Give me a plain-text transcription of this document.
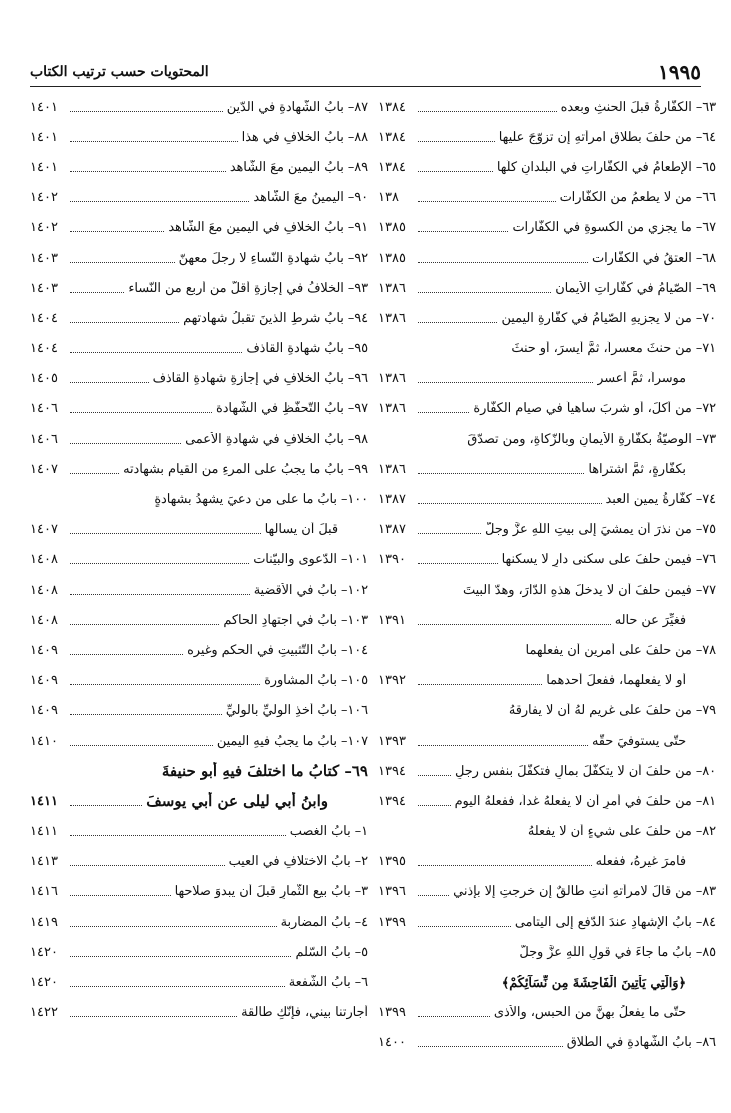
١٩٩٥
المحتويات حسب ترتيب الكتاب
٦٣– الكفّارةُ قبلَ الحنثِ وبعده
١٣٨٤
٦٤– من حلفَ بطلاقِ امرأتهِ إن تزوّجَ عليها
١٣٨٤
٦٥– الإطعامُ في الكفّاراتِ في البلدانِ كلِّها
١٣٨٤
٦٦– من لا يطعمُ من الكفّارات
١٣٨
٦٧– ما يجزي من الكسوةِ في الكفّارات
١٣٨٥
٦٨– العتقُ في الكفّارات
١٣٨٥
٦٩– الصّيامُ في كفّاراتِ الأيمان
١٣٨٦
٧٠– من لا يجزيهِ الصّيامُ في كفّارةِ اليمين
١٣٨٦
٧١– من حنثَ معسراً، ثمَّ أيسرَ، أو حنثَ
موسراً، ثمَّ أعسر
١٣٨٦
٧٢– من أكلَ، أو شربَ ساهياً في صيامِ الكفّارة
١٣٨٦
٧٣– الوصيّةُ بكفّارةِ الأيمانِ وبالزّكاةِ، ومن تصدّقَ
بكفّارةٍ، ثمَّ اشتراها
١٣٨٦
٧٤– كفّارةُ يمينِ العبد
١٣٨٧
٧٥– من نذرَ أن يمشيَ إلى بيتِ اللّهِ عزَّ وجلَّ
١٣٨٧
٧٦– فيمن حلفَ على سكنى دارٍ لا يسكنها
١٣٩٠
٧٧– فيمن حلفَ أن لا يدخلَ هذهِ الدّارَ، وهدّ البيتَ
فغيِّرَ عن حاله
١٣٩١
٧٨– من حلفَ على أمرينِ أن يفعلهما
أو لا يفعلهما، ففعلَ أحدهما
١٣٩٢
٧٩– من حلفَ على غريمٍ لهُ أن لا يفارقهُ
حتّى يستوفيَ حقّه
١٣٩٣
٨٠– من حلفَ أن لا يتكفّلَ بمالٍ فتكفّلَ بنفسِ رجلٍ
١٣٩٤
٨١– من حلفَ في أمرٍ أن لا يفعلهُ غداً، ففعلهُ اليوم
١٣٩٤
٨٢– من حلفَ على شيءٍ أن لا يفعلهُ
فأمرَ غيرهُ، ففعله
١٣٩٥
٨٣– من قالَ لامرأتهِ أنتِ طالقٌ إن خرجتِ إلا بإذني
١٣٩٦
٨٤– بابُ الإشهادِ عندَ الدّفعِ إلى اليتامى
١٣٩٩
٨٥– بابُ ما جاءَ في قولِ اللّهِ عزَّ وجلَّ
﴿وَالَّٰتِي يَأْتِينَ الْفَاحِشَةَ مِن نِّسَآئِكُمْ﴾
حتّى ما يفعلُ بهنَّ من الحبسِ، والأذى
١٣٩٩
٨٦– بابُ الشّهادةِ في الطّلاق
١٤٠٠
٨٧– بابُ الشّهادةِ في الدّين
١٤٠١
٨٨– بابُ الخلافِ في هذا
١٤٠١
٨٩– بابُ اليمينِ معَ الشّاهد
١٤٠١
٩٠– اليمينُ معَ الشّاهد
١٤٠٢
٩١– بابُ الخلافِ في اليمينِ معَ الشّاهد
١٤٠٢
٩٢– بابُ شهادةِ النّساءِ لا رجلَ معهنّ
١٤٠٣
٩٣– الخلافُ في إجازةِ أقلَّ من أربعٍ من النّساء
١٤٠٣
٩٤– بابُ شرطِ الّذينَ تقبلُ شهادتهم
١٤٠٤
٩٥– بابُ شهادةِ القاذف
١٤٠٤
٩٦– بابُ الخلافِ في إجازةِ شهادةِ القاذف
١٤٠٥
٩٧– بابُ التّحفّظِ في الشّهادة
١٤٠٦
٩٨– بابُ الخلافِ في شهادةِ الأعمى
١٤٠٦
٩٩– بابُ ما يجبُ على المرءِ من القيامِ بشهادته
١٤٠٧
١٠٠– بابُ ما على من دعيَ يشهدُ بشهادةٍ
قبلَ أن يسألها
١٤٠٧
١٠١– الدّعوى والبيّنات
١٤٠٨
١٠٢– بابُ في الأقضية
١٤٠٨
١٠٣– بابُ في اجتهادِ الحاكم
١٤٠٨
١٠٤– بابُ التّثبيتِ في الحكمِ وغيره
١٤٠٩
١٠٥– بابُ المشاورة
١٤٠٩
١٠٦– بابُ أخذِ الوليِّ بالوليِّ
١٤٠٩
١٠٧– بابُ ما يجبُ فيهِ اليمين
١٤١٠
٦٩– كتابُ ما اختلفَ فيهِ أبو حنيفةَ
وابنُ أبي ليلى عن أبي يوسفَ
١٤١١
١– بابُ الغصب
١٤١١
٢– بابُ الاختلافِ في العيب
١٤١٣
٣– بابُ بيعِ الثّمارِ قبلَ أن يبدوَ صلاحها
١٤١٦
٤– بابُ المضاربة
١٤١٩
٥– بابُ السّلم
١٤٢٠
٦– بابُ الشّفعة
١٤٢٠
أجارتنا بيني، فإنّكِ طالقة
١٤٢٢
